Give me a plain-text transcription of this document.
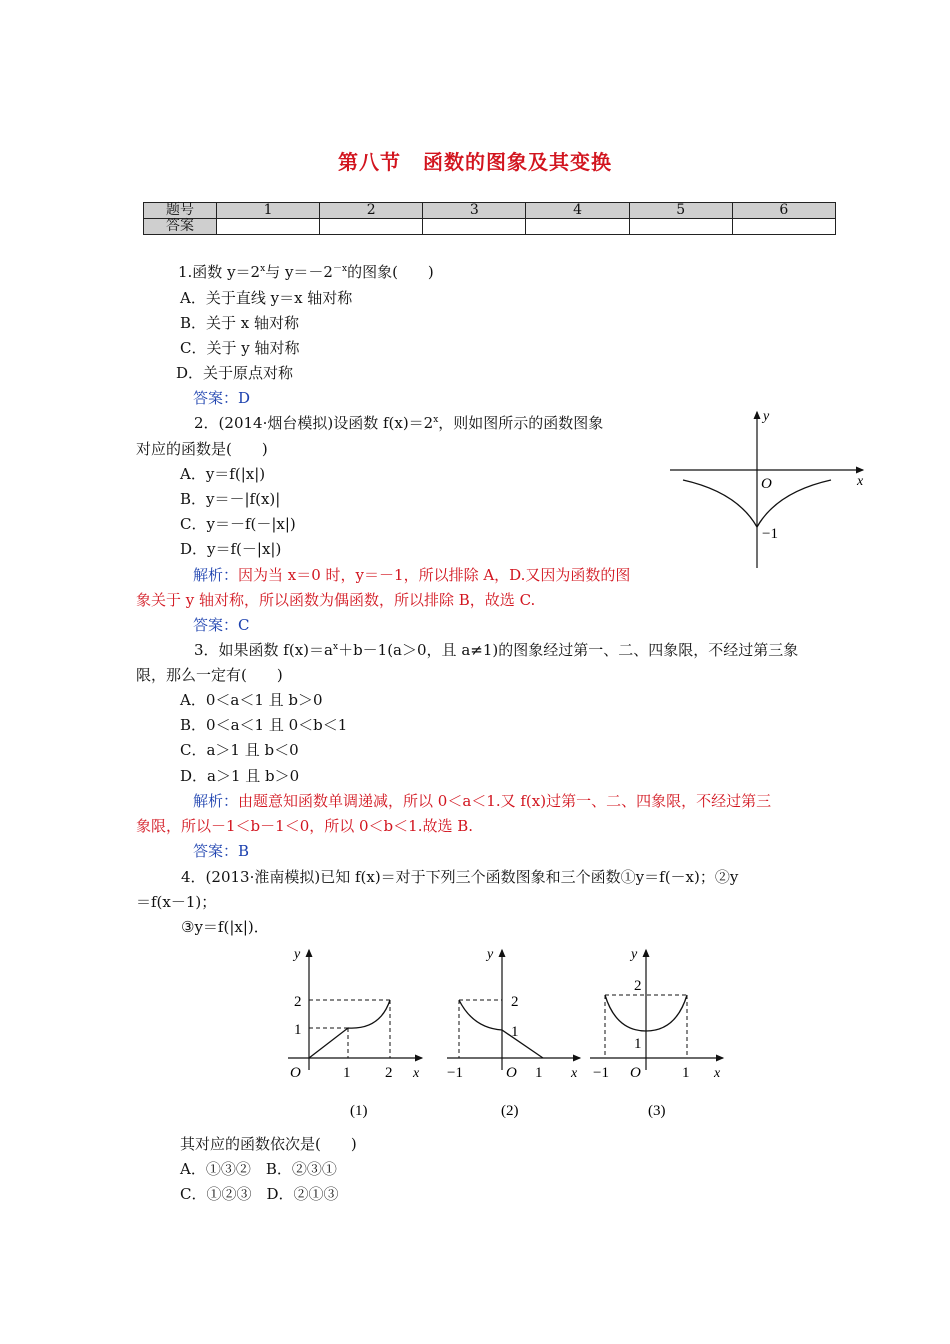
第八节 函数的图象及其变换
题号	1	2	3	4	5	6
答案						
1.函数 $y=2^x$与 $y=-2^{-x}$的图象(　　)
A．关于直线 y＝x 轴对称
B．关于 x 轴对称
C．关于 y 轴对称
D．关于原点对称
答案：D
2．(2014·烟台模拟)设函数 $f(x)=2^x$，则如图所示的函数图象
对应的函数是(　　)
A．y＝f(|x|)
B．y＝－|f(x)|
C．y＝－f(－|x|)
D．y＝f(－|x|)
解析：因为当 x＝0 时，y＝－1，所以排除 A，D.又因为函数的图
象关于 y 轴对称，所以函数为偶函数，所以排除 B，故选 C.
答案：C
y
x
O
−1
3．如果函数 $f(x)=a^x+b-1(a>0$，且 a≠1)的图象经过第一、二、四象限，不经过第三象
限，那么一定有(　　)
A．0＜a＜1 且 b＞0
B．0＜a＜1 且 0＜b＜1
C．a＞1 且 b＜0
D．a＞1 且 b＞0
解析：由题意知函数单调递减，所以 0＜a＜1.又 f(x)过第一、二、四象限，不经过第三
象限，所以－1＜b－1＜0，所以 0＜b＜1.故选 B.
答案：B
4．(2013·淮南模拟)已知 f(x)＝对于下列三个函数图象和三个函数①y＝f(－x)；②y
＝f(x－1)；
③y＝f(|x|)．
y
x
O	1 2
1
2
(1)
y
x
O
−1	1
1
2
(2)
y
x
O
−1	1
1
2
(3)
其对应的函数依次是(　　)
A．①③②　B．②③①
C．①②③　D．②①③
